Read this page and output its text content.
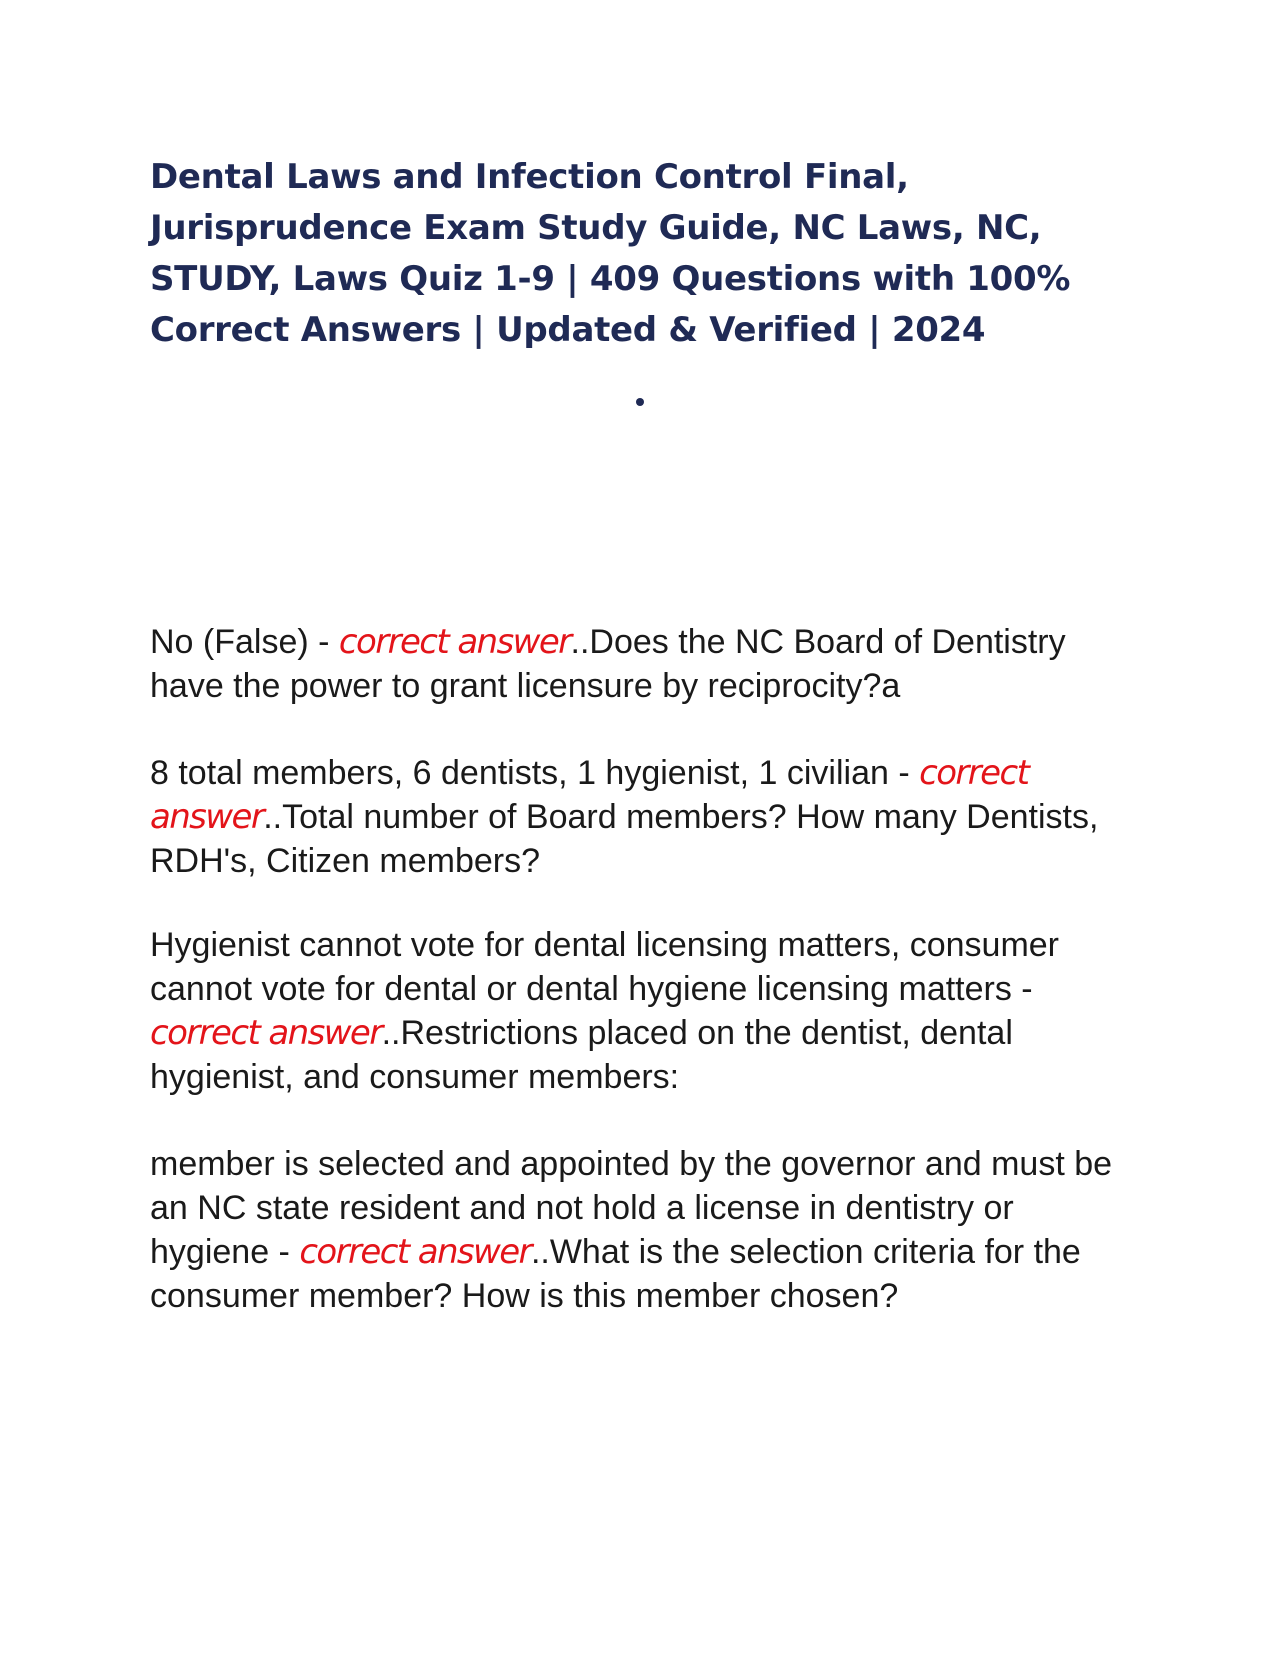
Dental Laws and Infection Control Final, Jurisprudence Exam Study Guide, NC Laws, NC, STUDY, Laws Quiz 1-9 | 409 Questions with 100% Correct Answers | Updated & Verified | 2024

No (False) - correct answer..Does the NC Board of Dentistry have the power to grant licensure by reciprocity?a

8 total members, 6 dentists, 1 hygienist, 1 civilian - correct answer..Total number of Board members? How many Dentists, RDH's, Citizen members?

Hygienist cannot vote for dental licensing matters, consumer cannot vote for dental or dental hygiene licensing matters - correct answer..Restrictions placed on the dentist, dental hygienist, and consumer members:

member is selected and appointed by the governor and must be an NC state resident and not hold a license in dentistry or hygiene - correct answer..What is the selection criteria for the consumer member? How is this member chosen?
